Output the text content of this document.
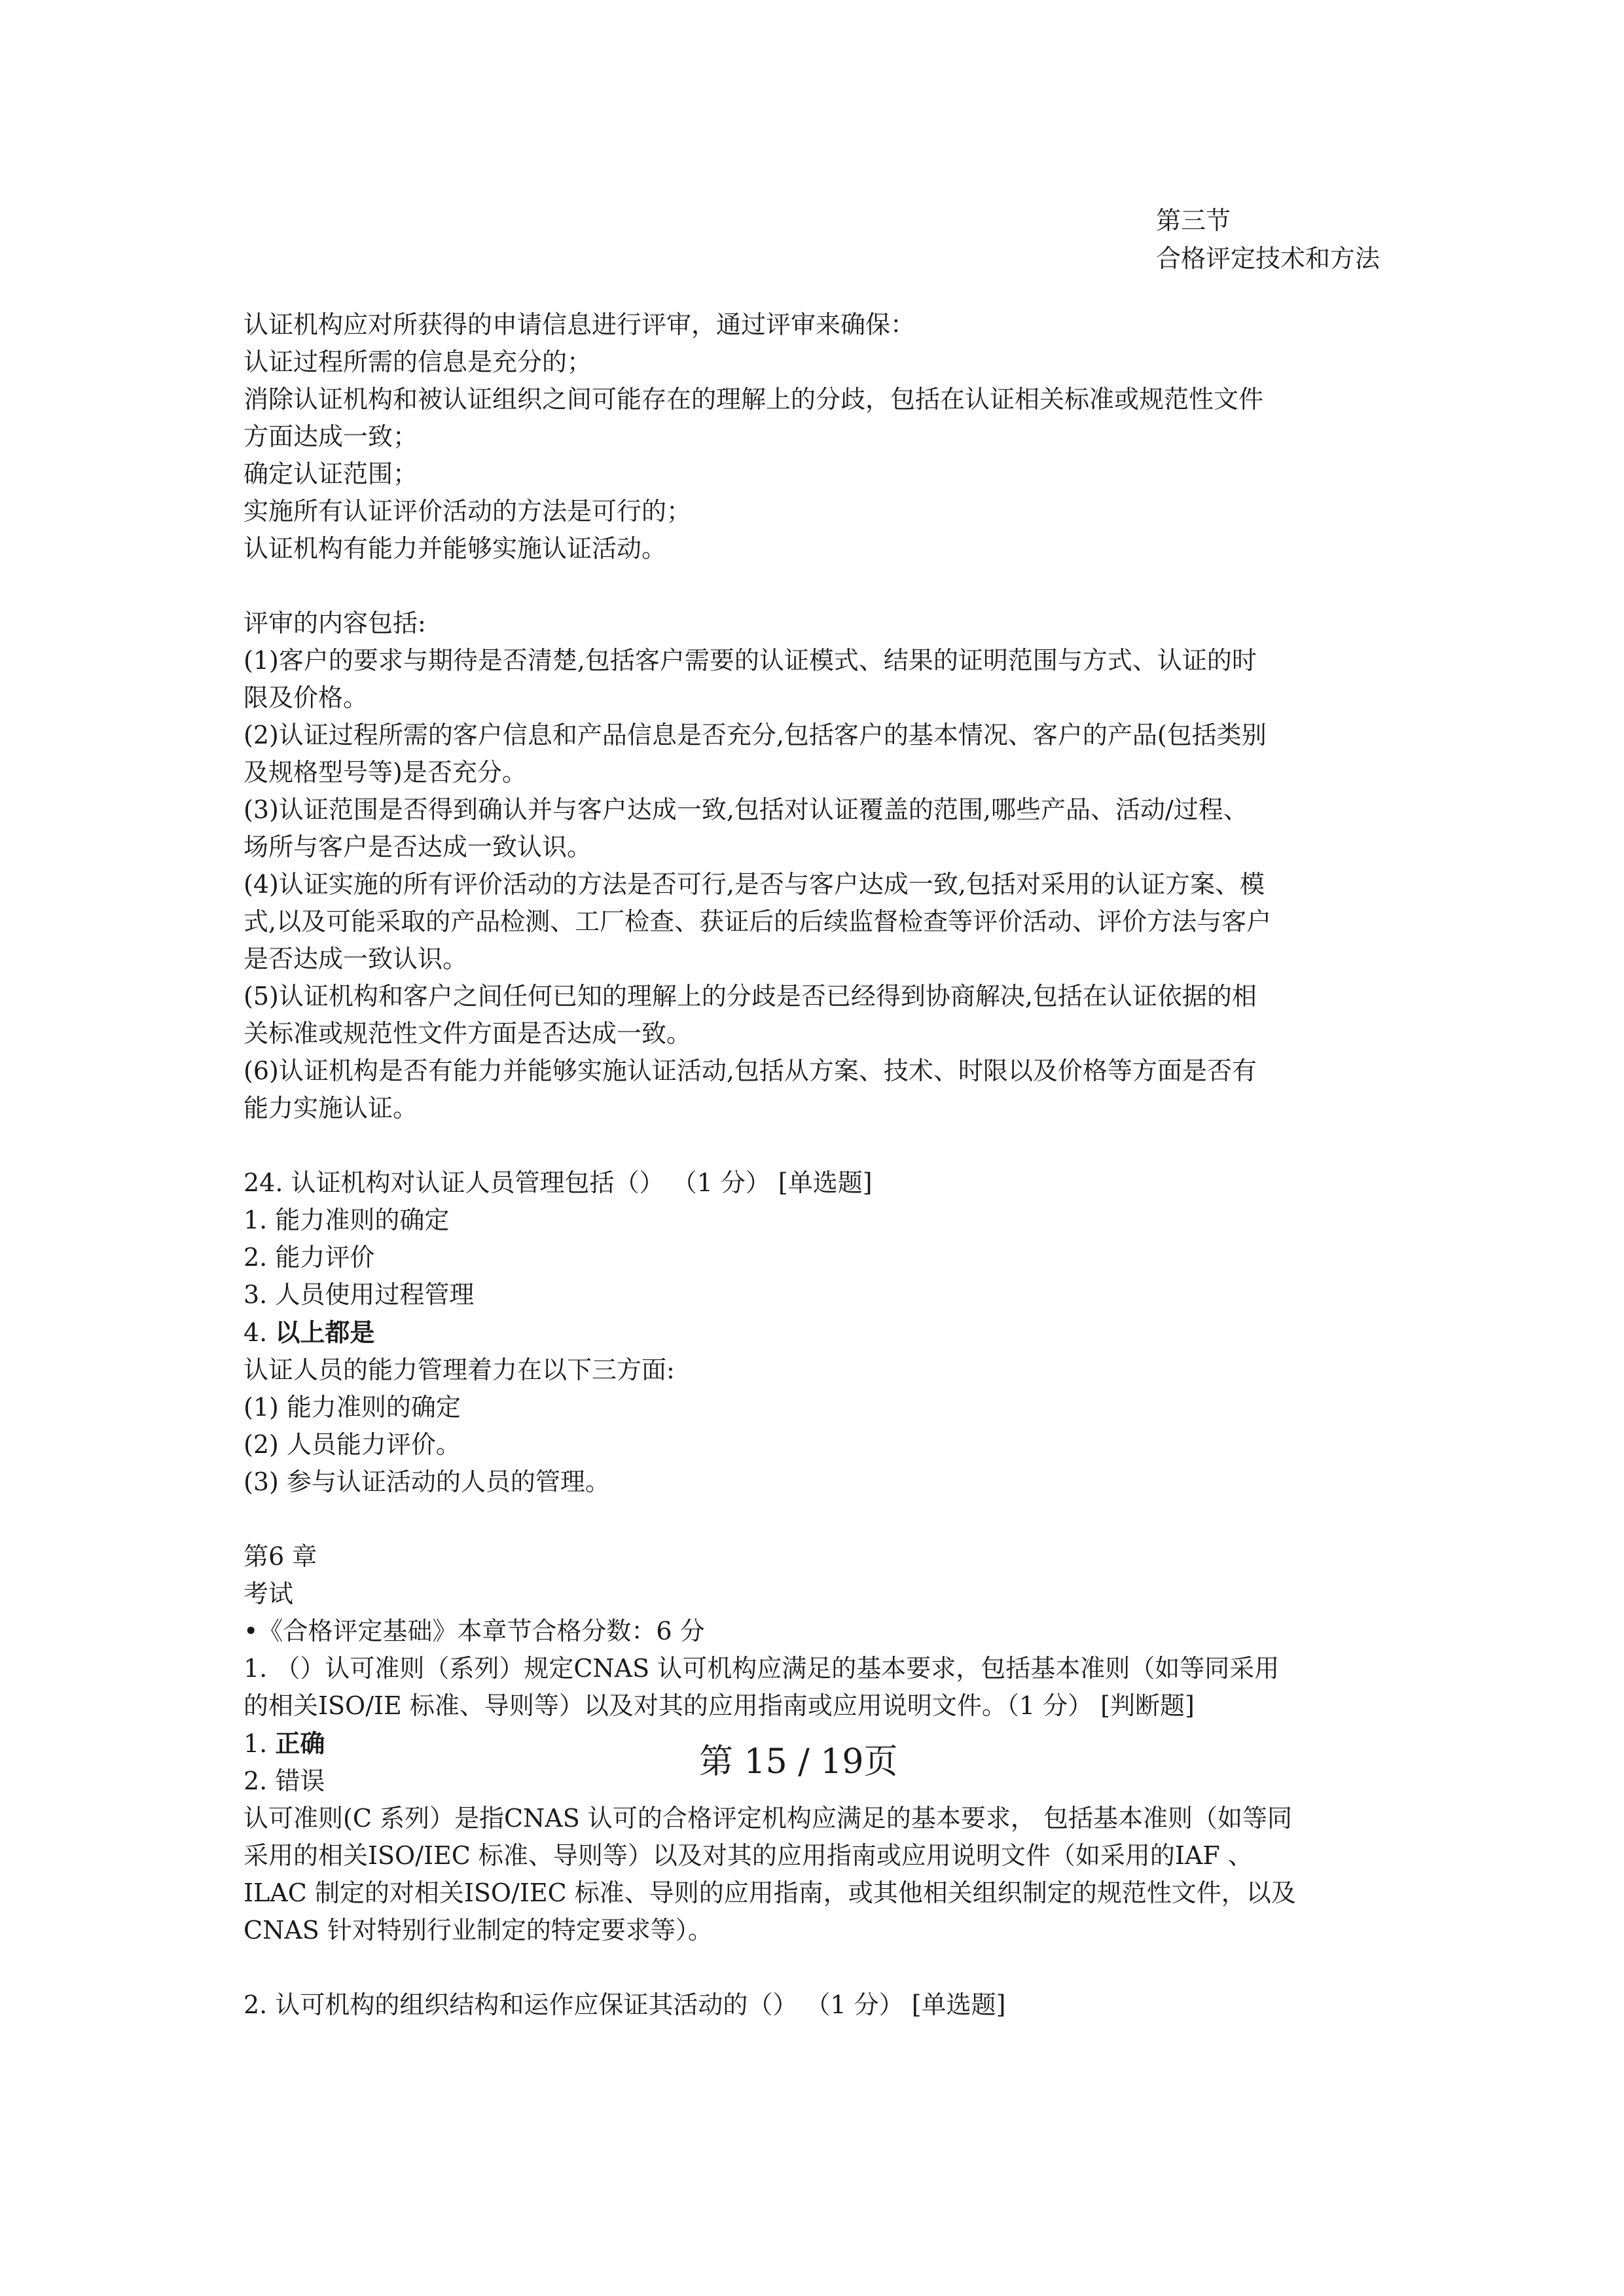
第三节
合格评定技术和方法
认证机构应对所获得的申请信息进行评审，通过评审来确保：
认证过程所需的信息是充分的；
消除认证机构和被认证组织之间可能存在的理解上的分歧，包括在认证相关标准或规范性文件
方面达成一致；
确定认证范围；
实施所有认证评价活动的方法是可行的；
认证机构有能力并能够实施认证活动。
评审的内容包括:
(1)客户的要求与期待是否清楚,包括客户需要的认证模式、结果的证明范围与方式、认证的时
限及价格。
(2)认证过程所需的客户信息和产品信息是否充分,包括客户的基本情况、客户的产品(包括类别
及规格型号等)是否充分。
(3)认证范围是否得到确认并与客户达成一致,包括对认证覆盖的范围,哪些产品、活动/过程、
场所与客户是否达成一致认识。
(4)认证实施的所有评价活动的方法是否可行,是否与客户达成一致,包括对采用的认证方案、模
式,以及可能采取的产品检测、工厂检查、获证后的后续监督检查等评价活动、评价方法与客户
是否达成一致认识。
(5)认证机构和客户之间任何已知的理解上的分歧是否已经得到协商解决,包括在认证依据的相
关标准或规范性文件方面是否达成一致。
(6)认证机构是否有能力并能够实施认证活动,包括从方案、技术、时限以及价格等方面是否有
能力实施认证。
24. 认证机构对认证人员管理包括（） （1 分） [单选题]
1. 能力准则的确定
2. 能力评价
3. 人员使用过程管理
4. 以上都是
认证人员的能力管理着力在以下三方面:
(1) 能力准则的确定
(2) 人员能力评价。
(3) 参与认证活动的人员的管理。
第6 章
考试
•《合格评定基础》本章节合格分数：6 分
1. （）认可准则（系列）规定CNAS 认可机构应满足的基本要求，包括基本准则（如等同采用
的相关ISO/IE 标准、导则等）以及对其的应用指南或应用说明文件。（1 分） [判断题]
1. 正确
2. 错误
认可准则(C 系列）是指CNAS 认可的合格评定机构应满足的基本要求， 包括基本准则（如等同
采用的相关ISO/IEC 标准、导则等）以及对其的应用指南或应用说明文件（如采用的IAF 、
ILAC 制定的对相关ISO/IEC 标准、导则的应用指南，或其他相关组织制定的规范性文件，以及
CNAS 针对特别行业制定的特定要求等）。
2. 认可机构的组织结构和运作应保证其活动的（） （1 分） [单选题]
第 15 / 19页
